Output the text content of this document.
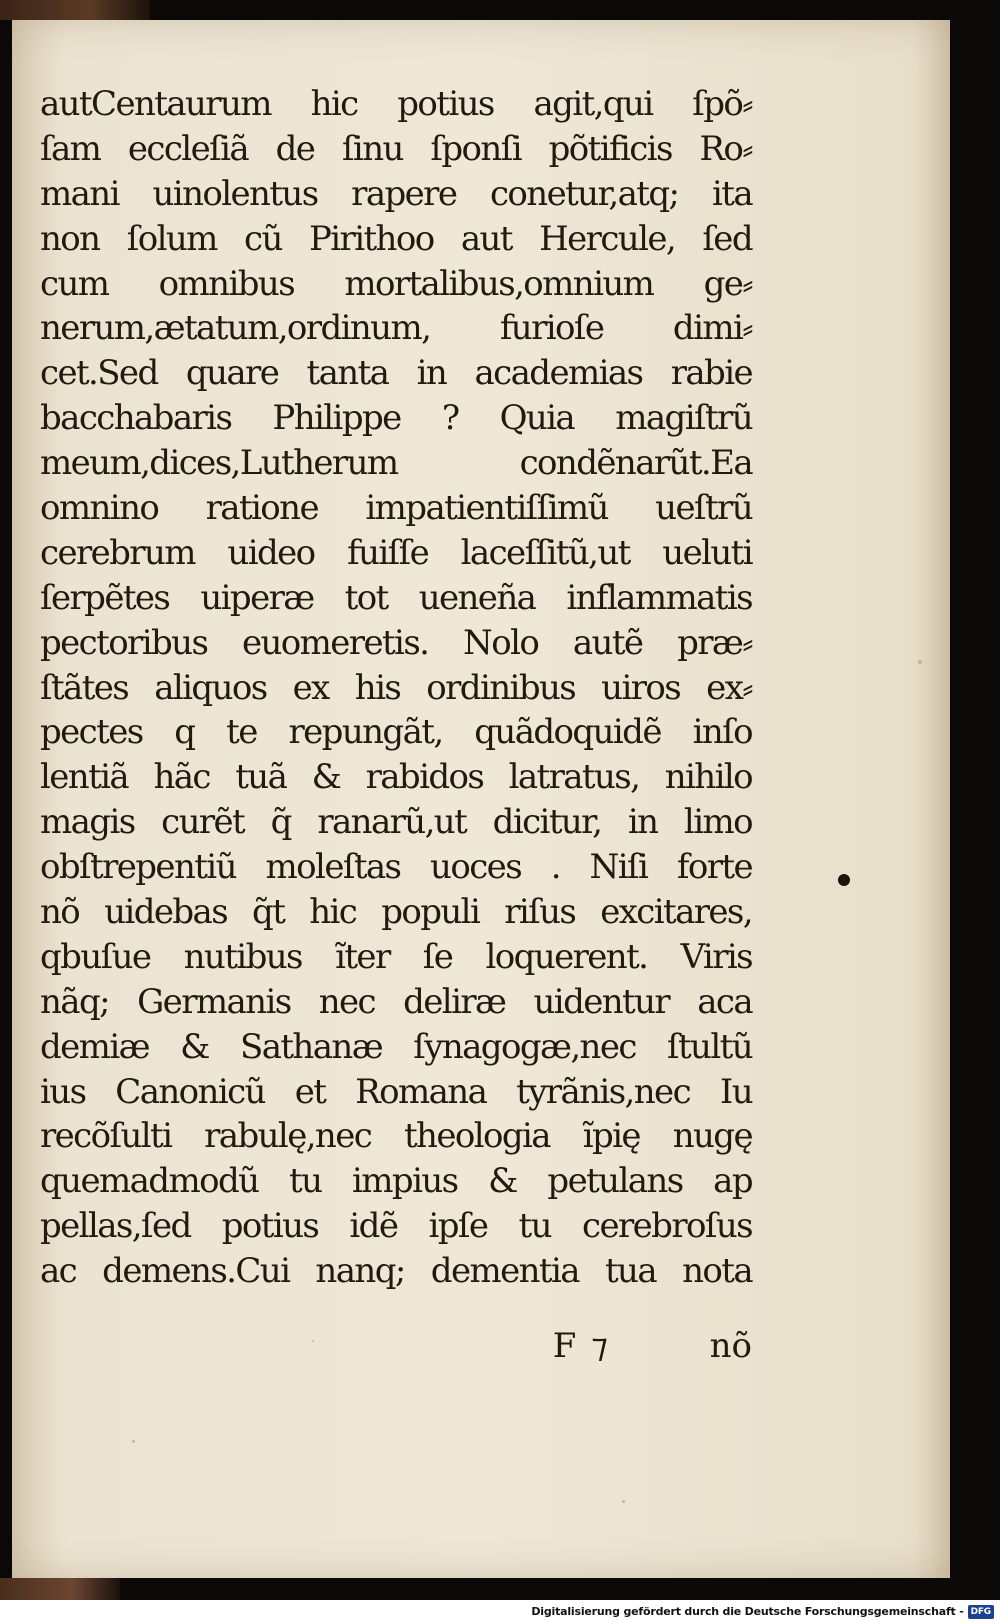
autCentaurum hic potius agit,qui ſpõ⸗
ſam eccleſiã de ſinu ſponſi põtificis Ro⸗
mani uinolentus rapere conetur,atq; ita
non ſolum cũ Pirithoo aut Hercule, ſed
cum omnibus mortalibus,omnium ge⸗
nerum,ætatum,ordinum, furioſe dimi⸗
cet.Sed quare tanta in academias rabie
bacchabaris Philippe ? Quia magiſtrũ
meum,dices,Lutherum condẽnarũt.Ea
omnino ratione impatientiſſimũ ueſtrũ
cerebrum uideo fuiſſe laceſſitũ,ut ueluti
ſerpẽtes uiperæ tot ueneña inflammatis
pectoribus euomeretis. Nolo autẽ præ⸗
ſtãtes aliquos ex his ordinibus uiros ex⸗
pectes q te repungãt, quãdoquidẽ inſo
lentiã hãc tuã & rabidos latratus, nihilo
magis curẽt q̃ ranarũ,ut dicitur, in limo
obſtrepentiũ moleſtas uoces . Niſi forte
nõ uidebas q̃t hic populi riſus excitares,
qbuſue nutibus ĩter ſe loquerent. Viris
nãq; Germanis nec deliræ uidentur aca
demiæ & Sathanæ ſynagogæ,nec ſtultũ
ius Canonicũ et Romana tyrãnis,nec Iu
recõſulti rabulę,nec theologia ĩpię nugę
quemadmodũ tu impius & petulans ap
pellas,ſed potius idẽ ipſe tu cerebroſus
ac demens.Cui nanq; dementia tua nota
F ⁊	nõ
Digitalisierung gefördert durch die Deutsche Forschungsgemeinschaft - DFG
